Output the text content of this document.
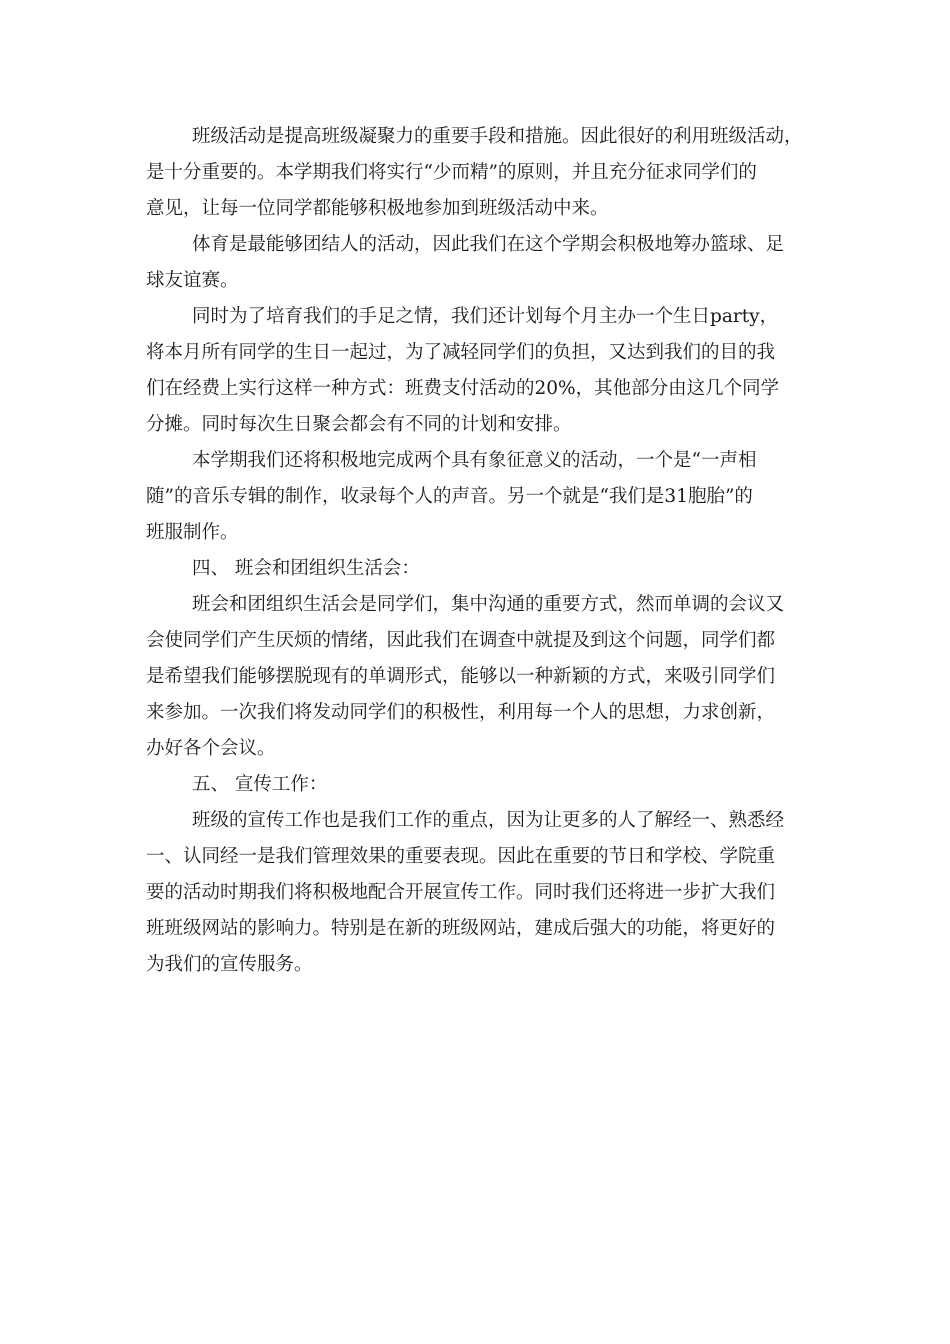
班级活动是提高班级凝聚力的重要手段和措施。因此很好的利用班级活动，
是十分重要的。本学期我们将实行“少而精”的原则，并且充分征求同学们的
意见，让每一位同学都能够积极地参加到班级活动中来。
体育是最能够团结人的活动，因此我们在这个学期会积极地筹办篮球、足
球友谊赛。
同时为了培育我们的手足之情，我们还计划每个月主办一个生日party，
将本月所有同学的生日一起过，为了减轻同学们的负担，又达到我们的目的我
们在经费上实行这样一种方式：班费支付活动的20%，其他部分由这几个同学
分摊。同时每次生日聚会都会有不同的计划和安排。
本学期我们还将积极地完成两个具有象征意义的活动，一个是“一声相
随”的音乐专辑的制作，收录每个人的声音。另一个就是“我们是31胞胎”的
班服制作。
四、 班会和团组织生活会：
班会和团组织生活会是同学们，集中沟通的重要方式，然而单调的会议又
会使同学们产生厌烦的情绪，因此我们在调查中就提及到这个问题，同学们都
是希望我们能够摆脱现有的单调形式，能够以一种新颖的方式，来吸引同学们
来参加。一次我们将发动同学们的积极性，利用每一个人的思想，力求创新，
办好各个会议。
五、 宣传工作：
班级的宣传工作也是我们工作的重点，因为让更多的人了解经一、熟悉经
一、认同经一是我们管理效果的重要表现。因此在重要的节日和学校、学院重
要的活动时期我们将积极地配合开展宣传工作。同时我们还将进一步扩大我们
班班级网站的影响力。特别是在新的班级网站，建成后强大的功能，将更好的
为我们的宣传服务。
